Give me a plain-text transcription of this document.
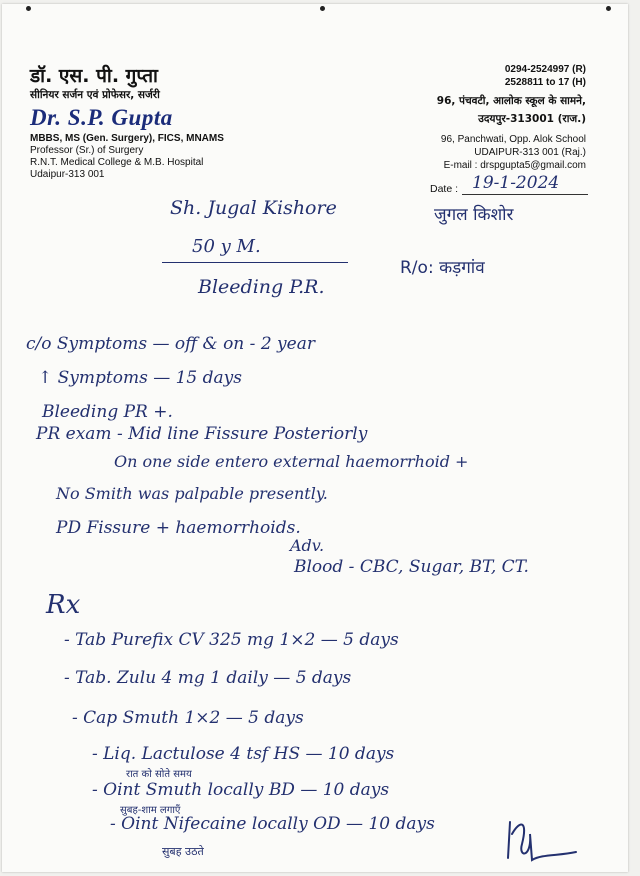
डॉ. एस. पी. गुप्ता
सीनियर सर्जन एवं प्रोफेसर, सर्जरी
Dr. S.P. Gupta
MBBS, MS (Gen. Surgery), FICS, MNAMS
Professor (Sr.) of Surgery
R.N.T. Medical College & M.B. Hospital
Udaipur-313 001
0294-2524997 (R)
2528811 to 17 (H)
96, पंचवटी, आलोक स्कूल के सामने,
उदयपुर-313001 (राज.)
96, Panchwati, Opp. Alok School
UDAIPUR-313 001 (Raj.)
E-mail : drspgupta5@gmail.com
Date : 19-1-2024
जुगल किशोर
Sh. Jugal Kishore
50 y M.
Bleeding P.R.
R/o: कड़गांव
c/o Symptoms — off & on - 2 year
↑ Symptoms — 15 days
Bleeding PR +.
PR exam - Mid line Fissure Posteriorly
On one side entero external haemorrhoid +
No Smith was palpable presently.
PD Fissure + haemorrhoids.
Adv.
Blood - CBC, Sugar, BT, CT.
Rx
- Tab Purefix CV 325 mg 1×2 — 5 days
- Tab. Zulu 4 mg 1 daily — 5 days
- Cap Smuth 1×2 — 5 days
- Liq. Lactulose 4 tsf HS — 10 days
रात को सोते समय
- Oint Smuth locally BD — 10 days
सुबह-शाम लगाएँ
- Oint Nifecaine locally OD — 10 days
सुबह उठते
